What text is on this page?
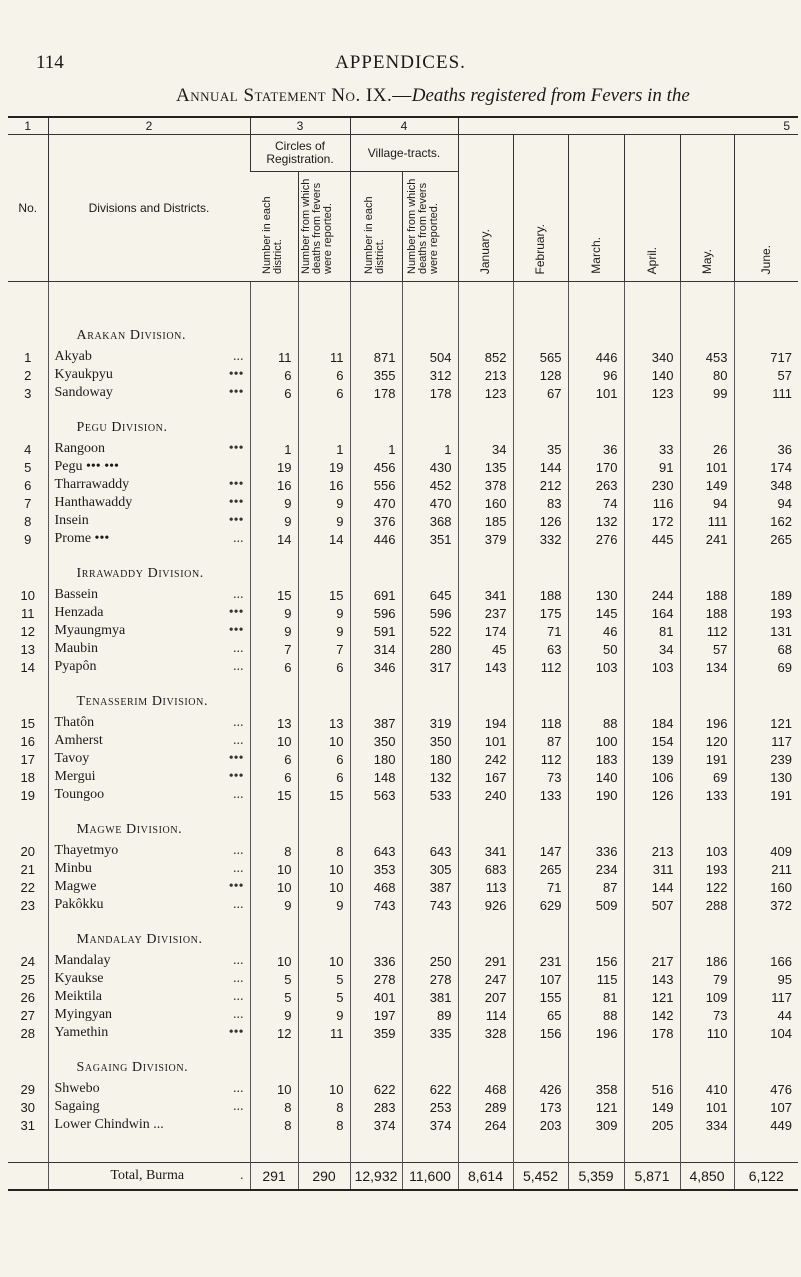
114	APPENDICES.
Annual Statement No. IX.—Deaths registered from Fevers in the
1	2	3		4		5					
No.	Divisions and Districts.	Circles of Registration.		Village-tracts.		January.	February.	March.	April.	May.	June.
		Number in each district.	Number from which deaths from fevers were reported.	Number in each district.	Number from which deaths from fevers were reported.						

	Arakan Division.										
1	Akyab ...	11	11	871	504	852	565	446	340	453	717
2	Kyaukpyu •••	6	6	355	312	213	128	96	140	80	57
3	Sandoway •••	6	6	178	178	123	67	101	123	99	111
	Pegu Division.										
4	Rangoon •••	1	1	1	1	34	35	36	33	26	36
5	Pegu ••• •••	19	19	456	430	135	144	170	91	101	174
6	Tharrawaddy •••	16	16	556	452	378	212	263	230	149	348
7	Hanthawaddy •••	9	9	470	470	160	83	74	116	94	94
8	Insein •••	9	9	376	368	185	126	132	172	111	162
9	Prome ••• ...	14	14	446	351	379	332	276	445	241	265
	Irrawaddy Division.										
10	Bassein ...	15	15	691	645	341	188	130	244	188	189
11	Henzada •••	9	9	596	596	237	175	145	164	188	193
12	Myaungmya •••	9	9	591	522	174	71	46	81	112	131
13	Maubin ...	7	7	314	280	45	63	50	34	57	68
14	Pyapôn ...	6	6	346	317	143	112	103	103	134	69
	Tenasserim Division.										
15	Thatôn ...	13	13	387	319	194	118	88	184	196	121
16	Amherst ...	10	10	350	350	101	87	100	154	120	117
17	Tavoy •••	6	6	180	180	242	112	183	139	191	239
18	Mergui •••	6	6	148	132	167	73	140	106	69	130
19	Toungoo ...	15	15	563	533	240	133	190	126	133	191
	Magwe Division.										
20	Thayetmyo ...	8	8	643	643	341	147	336	213	103	409
21	Minbu ...	10	10	353	305	683	265	234	311	193	211
22	Magwe •••	10	10	468	387	113	71	87	144	122	160
23	Pakôkku ...	9	9	743	743	926	629	509	507	288	372
	Mandalay Division.										
24	Mandalay ...	10	10	336	250	291	231	156	217	186	166
25	Kyaukse ...	5	5	278	278	247	107	115	143	79	95
26	Meiktila ...	5	5	401	381	207	155	81	121	109	117
27	Myingyan ...	9	9	197	89	114	65	88	142	73	44
28	Yamethin •••	12	11	359	335	328	156	196	178	110	104
	Sagaing Division.										
29	Shwebo ...	10	10	622	622	468	426	358	516	410	476
30	Sagaing ...	8	8	283	253	289	173	121	149	101	107
31	Lower Chindwin ...	8	8	374	374	264	203	309	205	334	449

	Total, Burma .	291	290	12,932	11,600	8,614	5,452	5,359	5,871	4,850	6,122
